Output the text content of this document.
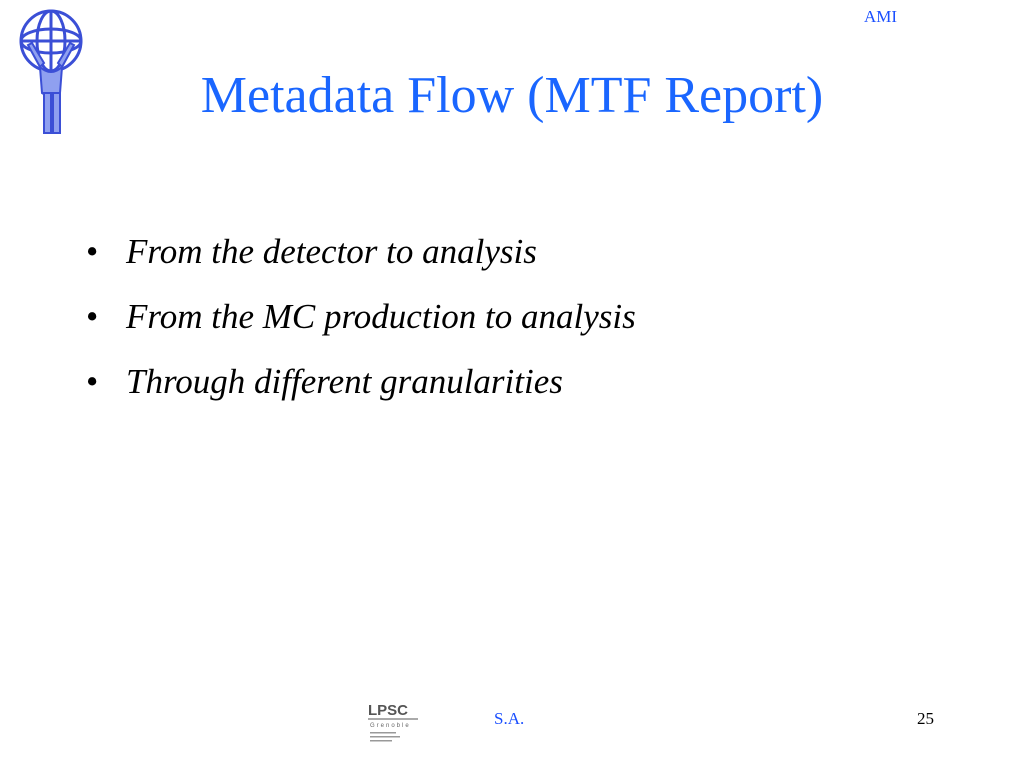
AMI
Metadata Flow (MTF Report)
• From the detector to analysis
• From the MC production to analysis
• Through different granularities
LPSC
Grenoble	S.A.	25
